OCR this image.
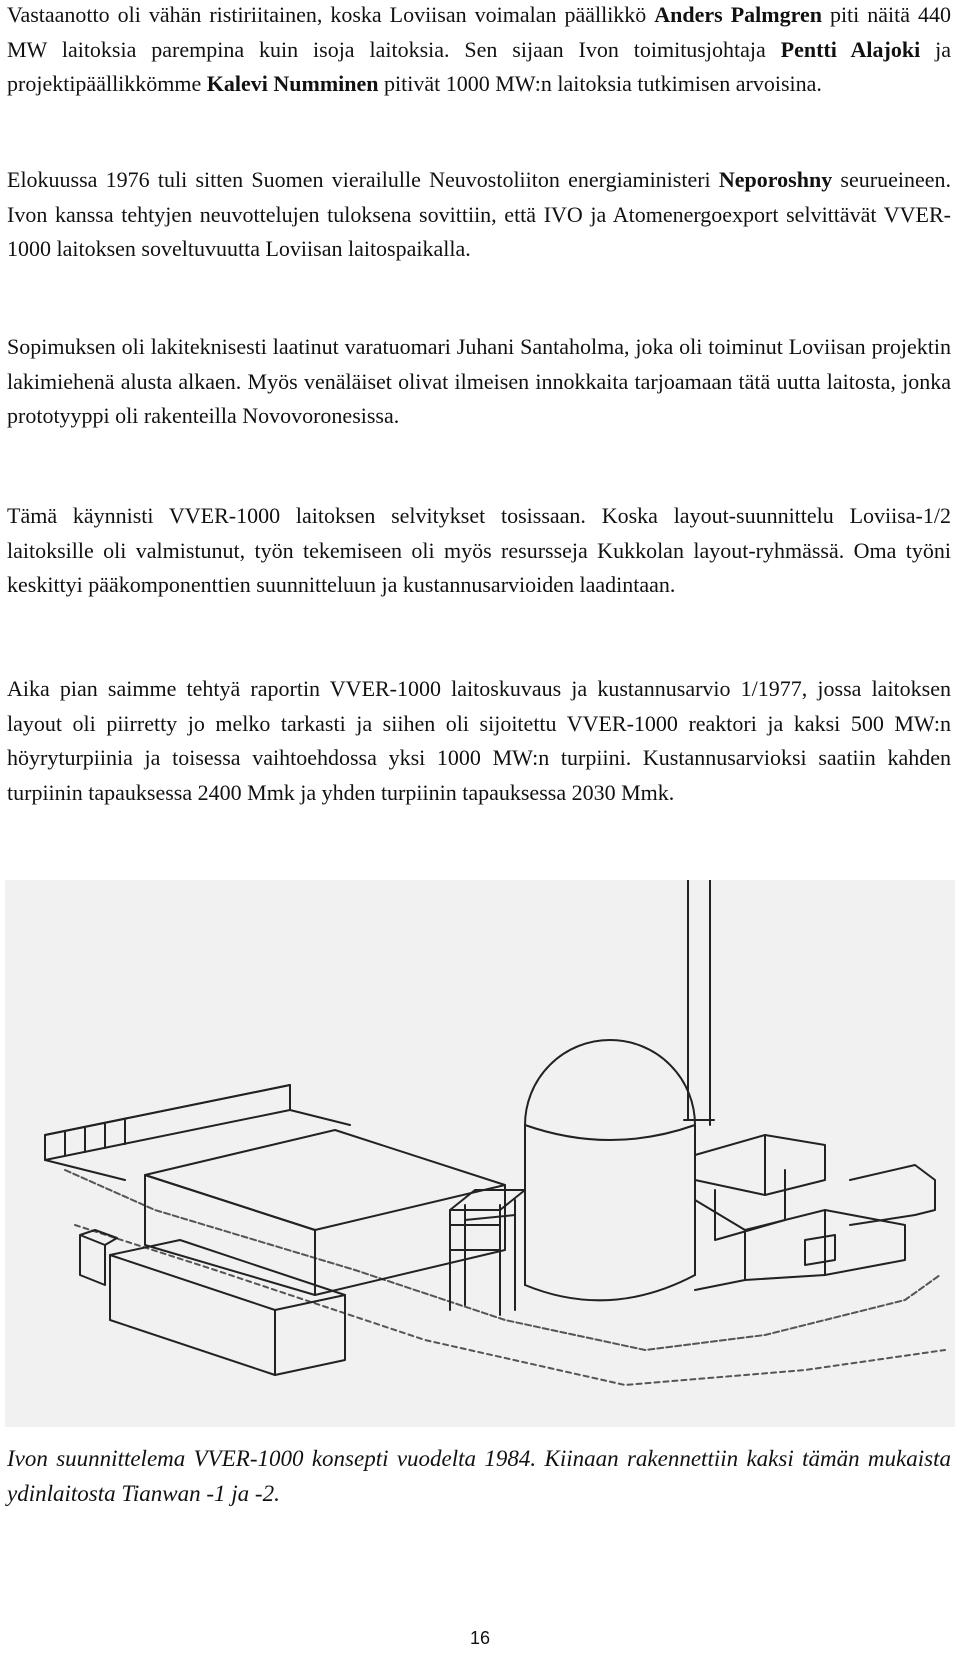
Vastaanotto oli vähän ristiriitainen, koska Loviisan voimalan päällikkö Anders Palmgren piti näitä 440 MW laitoksia parempina kuin isoja laitoksia. Sen sijaan Ivon toimitusjohtaja Pentti Alajoki ja projektipäällikkömme Kalevi Numminen pitivät 1000 MW:n laitoksia tutkimisen arvoisina.

Elokuussa 1976 tuli sitten Suomen vierailulle Neuvostoliiton energiaministeri Neporoshny seurueineen. Ivon kanssa tehtyjen neuvottelujen tuloksena sovittiin, että IVO ja Atomenergoexport selvittävät VVER-1000 laitoksen soveltuvuutta Loviisan laitospaikalla.

Sopimuksen oli lakiteknisesti laatinut varatuomari Juhani Santaholma, joka oli toiminut Loviisan projektin lakimiehenä alusta alkaen. Myös venäläiset olivat ilmeisen innokkaita tarjoamaan tätä uutta laitosta, jonka prototyyppi oli rakenteilla Novovoronesissa.

Tämä käynnisti VVER-1000 laitoksen selvitykset tosissaan. Koska layout-suunnittelu Loviisa-1/2 laitoksille oli valmistunut, työn tekemiseen oli myös resursseja Kukkolan layout-ryhmässä. Oma työni keskittyi pääkomponenttien suunnitteluun ja kustannusarvioiden laadintaan.

Aika pian saimme tehtyä raportin VVER-1000 laitoskuvaus ja kustannusarvio 1/1977, jossa laitoksen layout oli piirretty jo melko tarkasti ja siihen oli sijoitettu VVER-1000 reaktori ja kaksi 500 MW:n höyryturpiinia ja toisessa vaihtoehdossa yksi 1000 MW:n turpiini. Kustannusarvioksi saatiin kahden turpiinin tapauksessa 2400 Mmk ja yhden turpiinin tapauksessa 2030 Mmk.

Ivon suunnittelema VVER-1000 konsepti vuodelta 1984. Kiinaan rakennettiin kaksi tämän mukaista ydinlaitosta Tianwan -1 ja -2.

16
